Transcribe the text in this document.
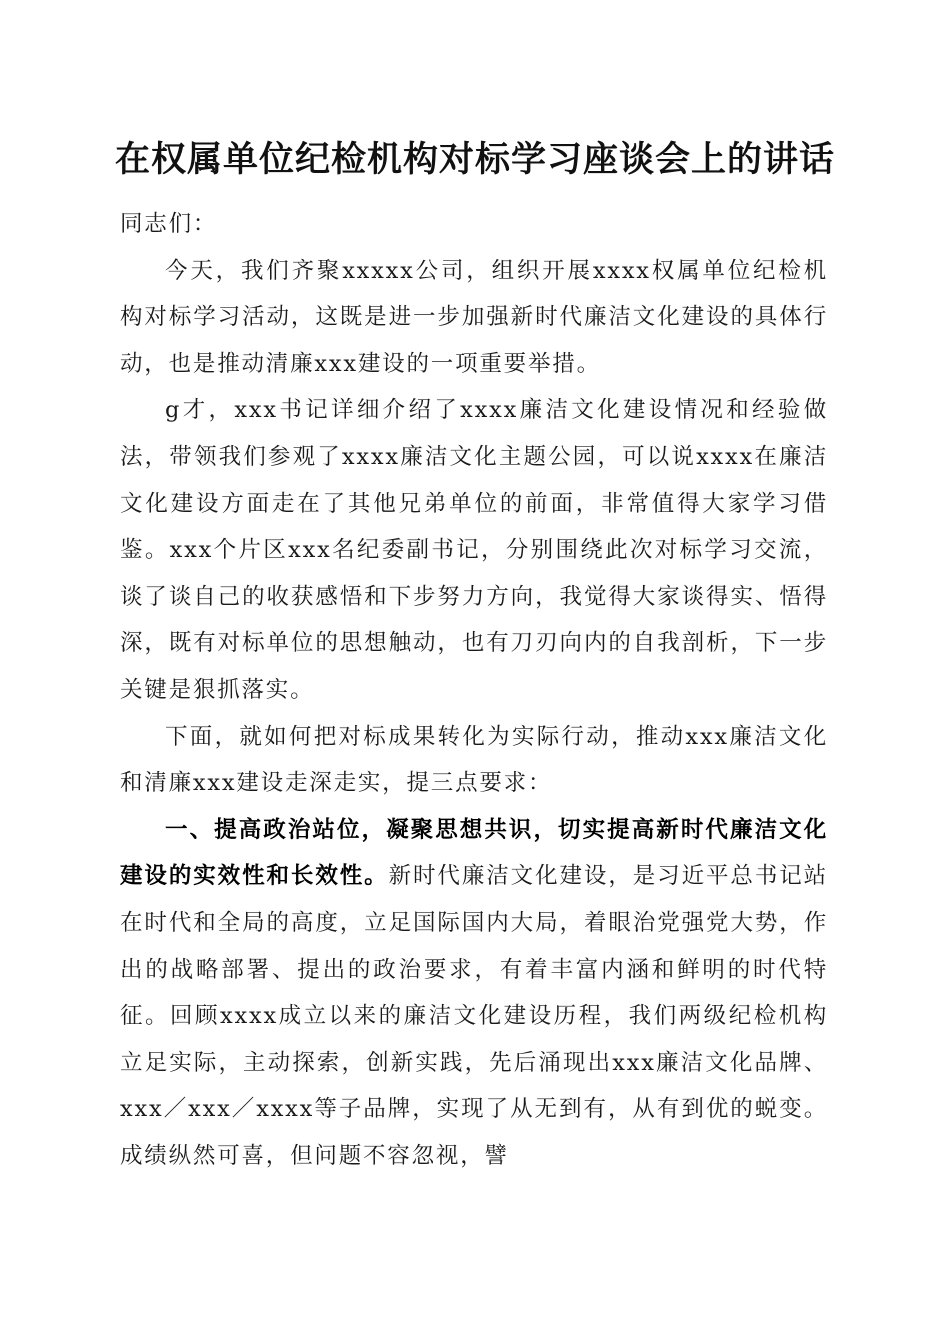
在权属单位纪检机构对标学习座谈会上的讲话

同志们：

今天，我们齐聚xxxxx公司，组织开展xxxx权属单位纪检机构对标学习活动，这既是进一步加强新时代廉洁文化建设的具体行动，也是推动清廉xxx建设的一项重要举措。

g才，xxx书记详细介绍了xxxx廉洁文化建设情况和经验做法，带领我们参观了xxxx廉洁文化主题公园，可以说xxxx在廉洁文化建设方面走在了其他兄弟单位的前面，非常值得大家学习借鉴。xxx个片区xxx名纪委副书记，分别围绕此次对标学习交流，谈了谈自己的收获感悟和下步努力方向，我觉得大家谈得实、悟得深，既有对标单位的思想触动，也有刀刃向内的自我剖析，下一步关键是狠抓落实。

下面，就如何把对标成果转化为实际行动，推动xxx廉洁文化和清廉xxx建设走深走实，提三点要求：

一、提高政治站位，凝聚思想共识，切实提高新时代廉洁文化建设的实效性和长效性。新时代廉洁文化建设，是习近平总书记站在时代和全局的高度，立足国际国内大局，着眼治党强党大势，作出的战略部署、提出的政治要求，有着丰富内涵和鲜明的时代特征。回顾xxxx成立以来的廉洁文化建设历程，我们两级纪检机构立足实际，主动探索，创新实践，先后涌现出xxx廉洁文化品牌、xxx／xxx／xxxx等子品牌，实现了从无到有，从有到优的蜕变。成绩纵然可喜，但问题不容忽视，譬
